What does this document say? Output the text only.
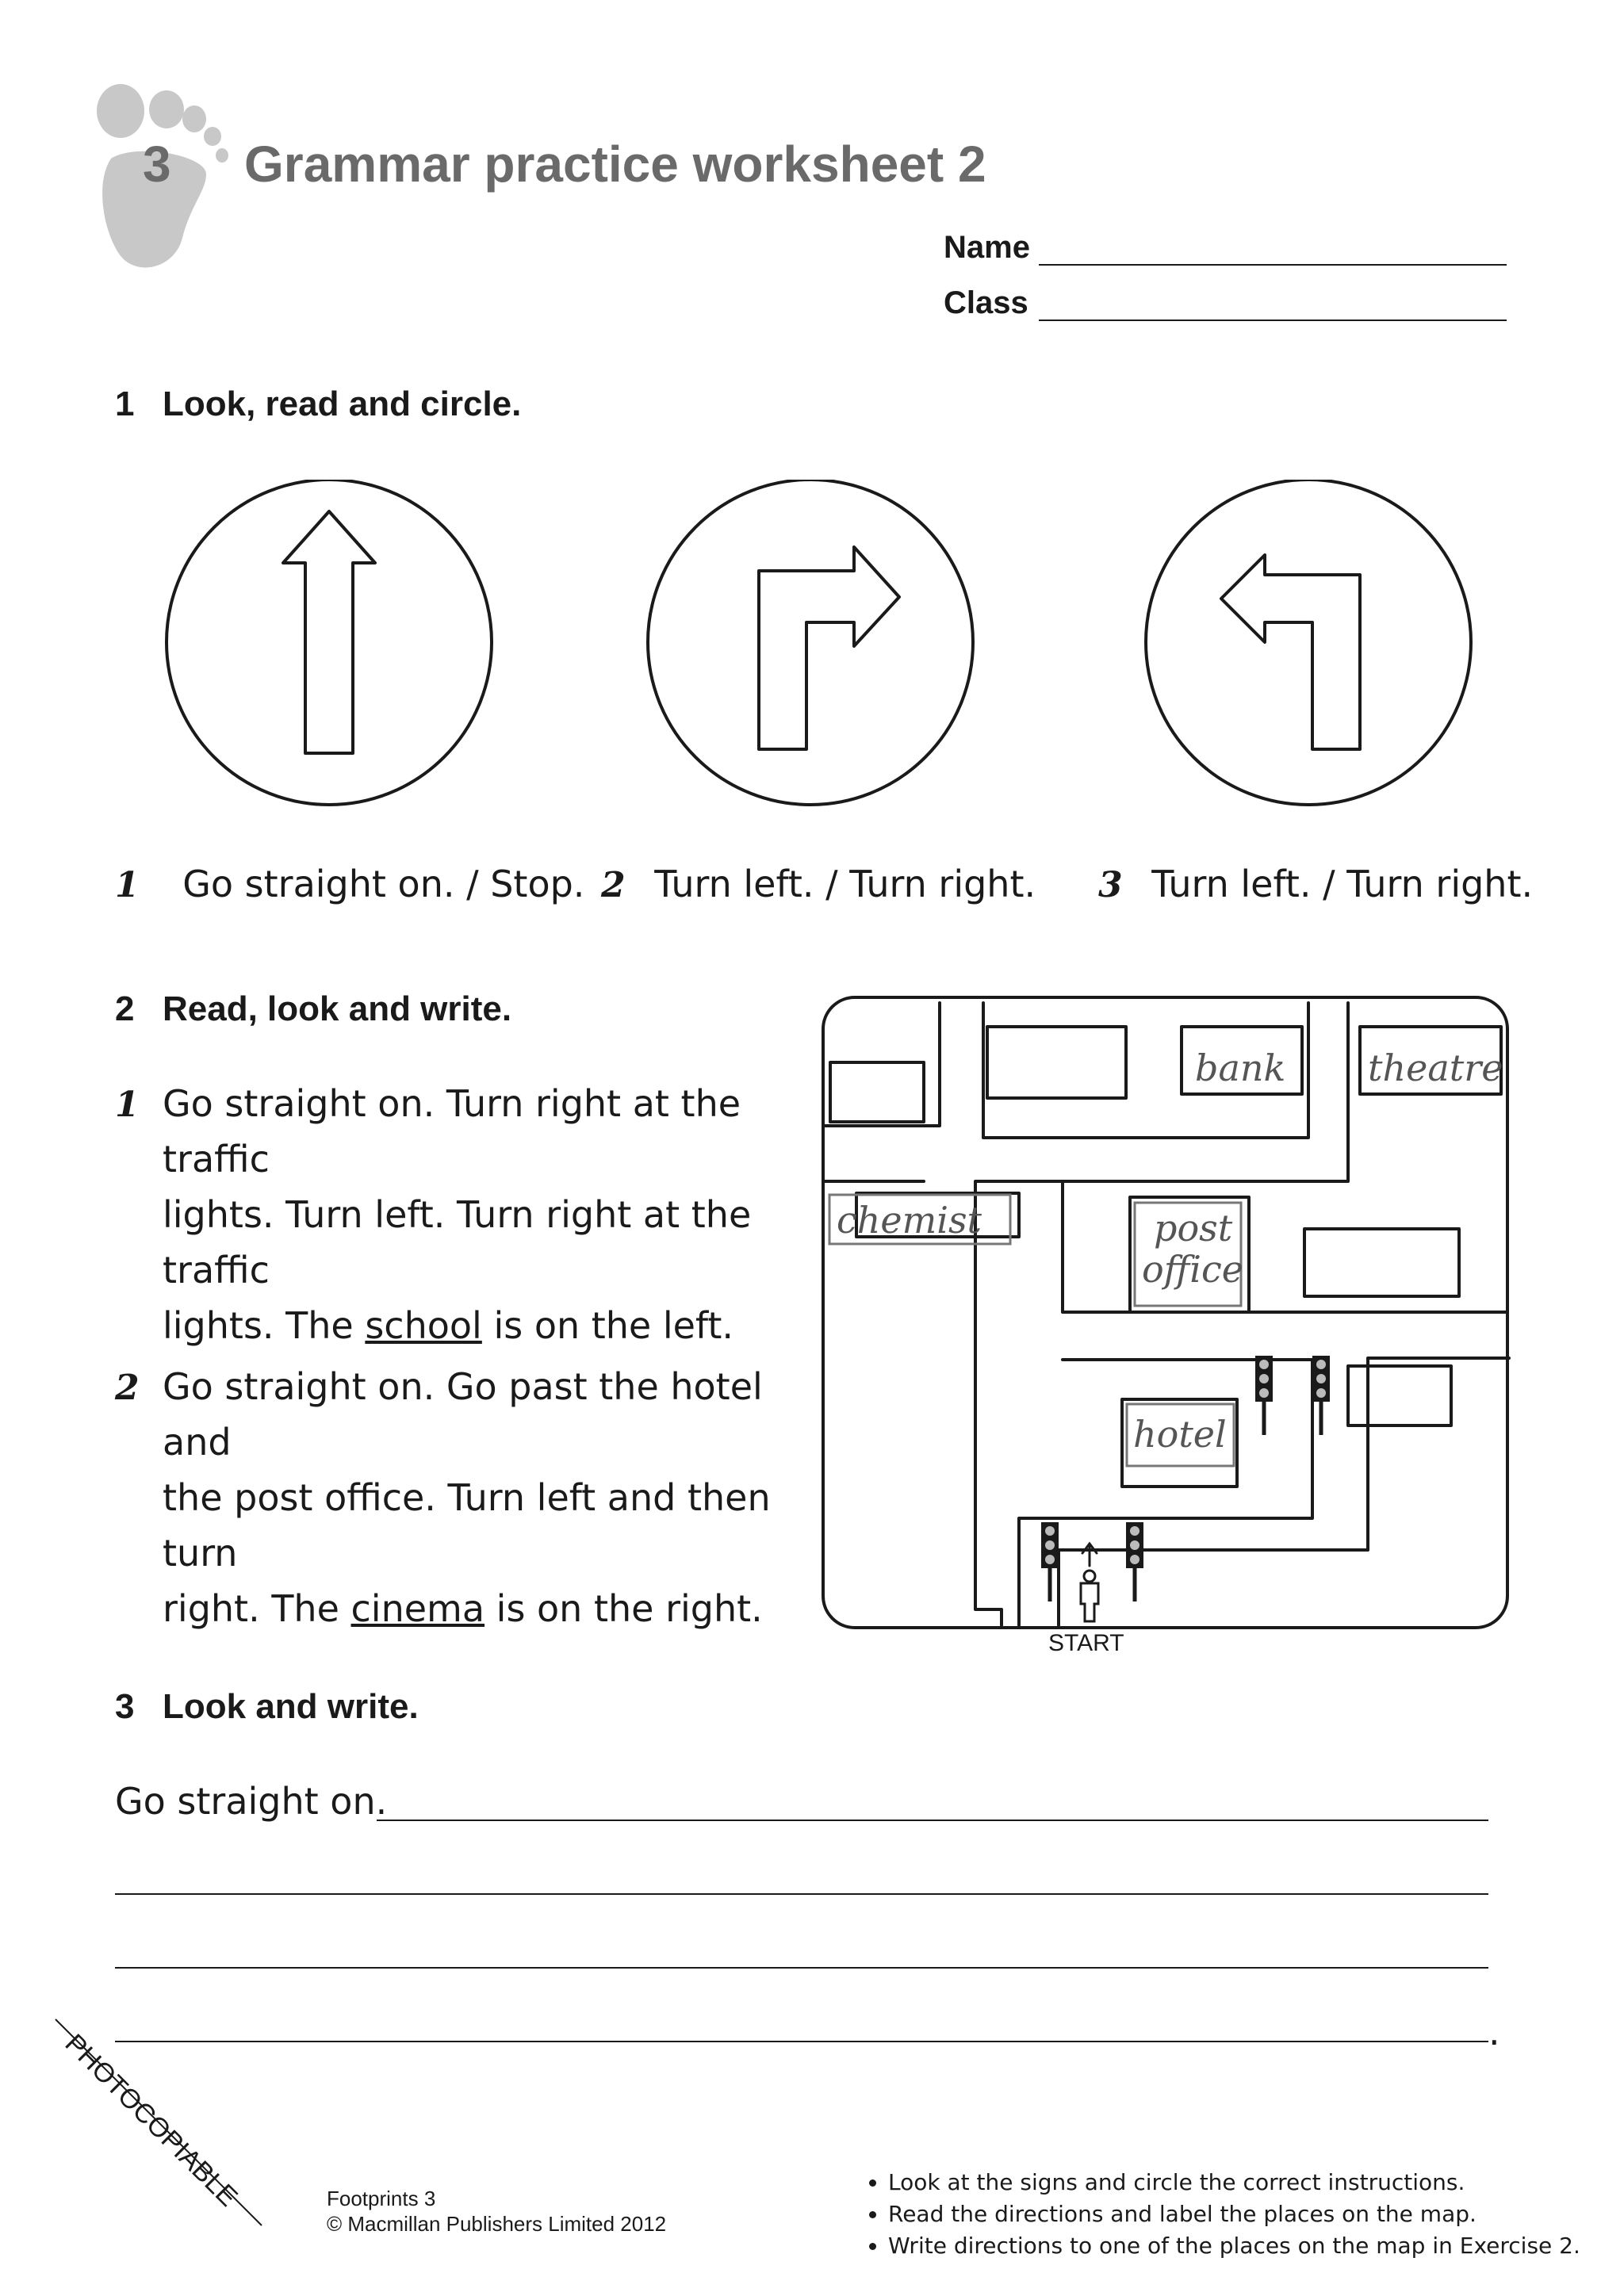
3 Grammar practice worksheet 2
Name
Class
1 Look, read and circle.
1 Go straight on. / Stop. 2 Turn left. / Turn right. 3 Turn left. / Turn right.
2 Read, look and write.
1 Go straight on. Turn right at the traffic
lights. Turn left. Turn right at the traffic
lights. The school is on the left.
2 Go straight on. Go past the hotel and
the post office. Turn left and then turn
right. The cinema is on the right.
bank theatre
chemist	post
office
hotel
START
3 Look and write.
Go straight on.
.
PHOTOCOPIABLE	Footprints 3
© Macmillan Publishers Limited 2012
• Look at the signs and circle the correct instructions.
• Read the directions and label the places on the map.
• Write directions to one of the places on the map in Exercise 2.
